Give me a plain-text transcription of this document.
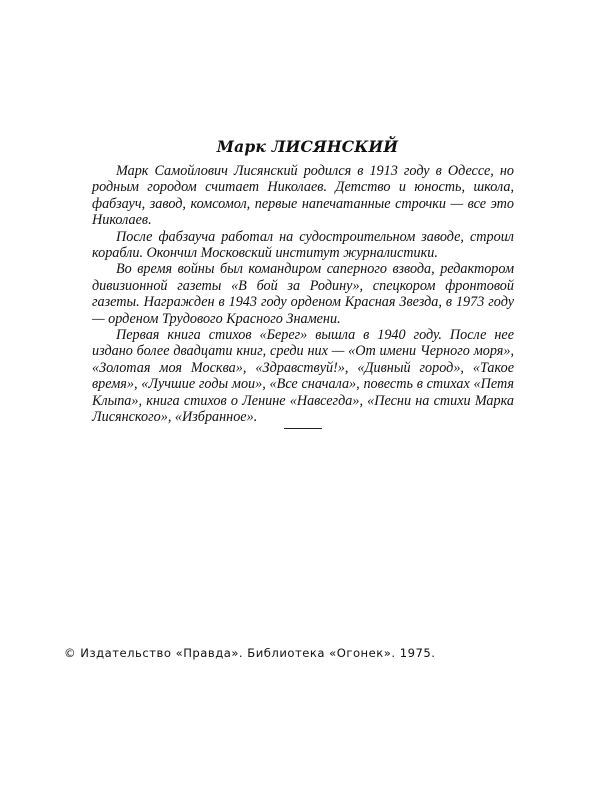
Марк ЛИСЯНСКИЙ

Марк Самойлович Лисянский родился в 1913 году в Одессе, но родным городом считает Николаев. Детство и юность, школа, фабзауч, завод, комсомол, первые напечатанные строчки — все это Николаев.

После фабзауча работал на судостроительном заводе, строил корабли. Окончил Московский институт журналистики.

Во время войны был командиром саперного взвода, редактором дивизионной газеты «В бой за Родину», спецкором фронтовой газеты. Награжден в 1943 году орденом Красная Звезда, в 1973 году — орденом Трудового Красного Знамени.

Первая книга стихов «Берег» вышла в 1940 году. После нее издано более двадцати книг, среди них — «От имени Черного моря», «Золотая моя Москва», «Здравствуй!», «Дивный город», «Такое время», «Лучшие годы мои», «Все сначала», повесть в стихах «Петя Клыпа», книга стихов о Ленине «Навсегда», «Песни на стихи Марка Лисянского», «Избранное».

© Издательство «Правда». Библиотека «Огонек». 1975.
